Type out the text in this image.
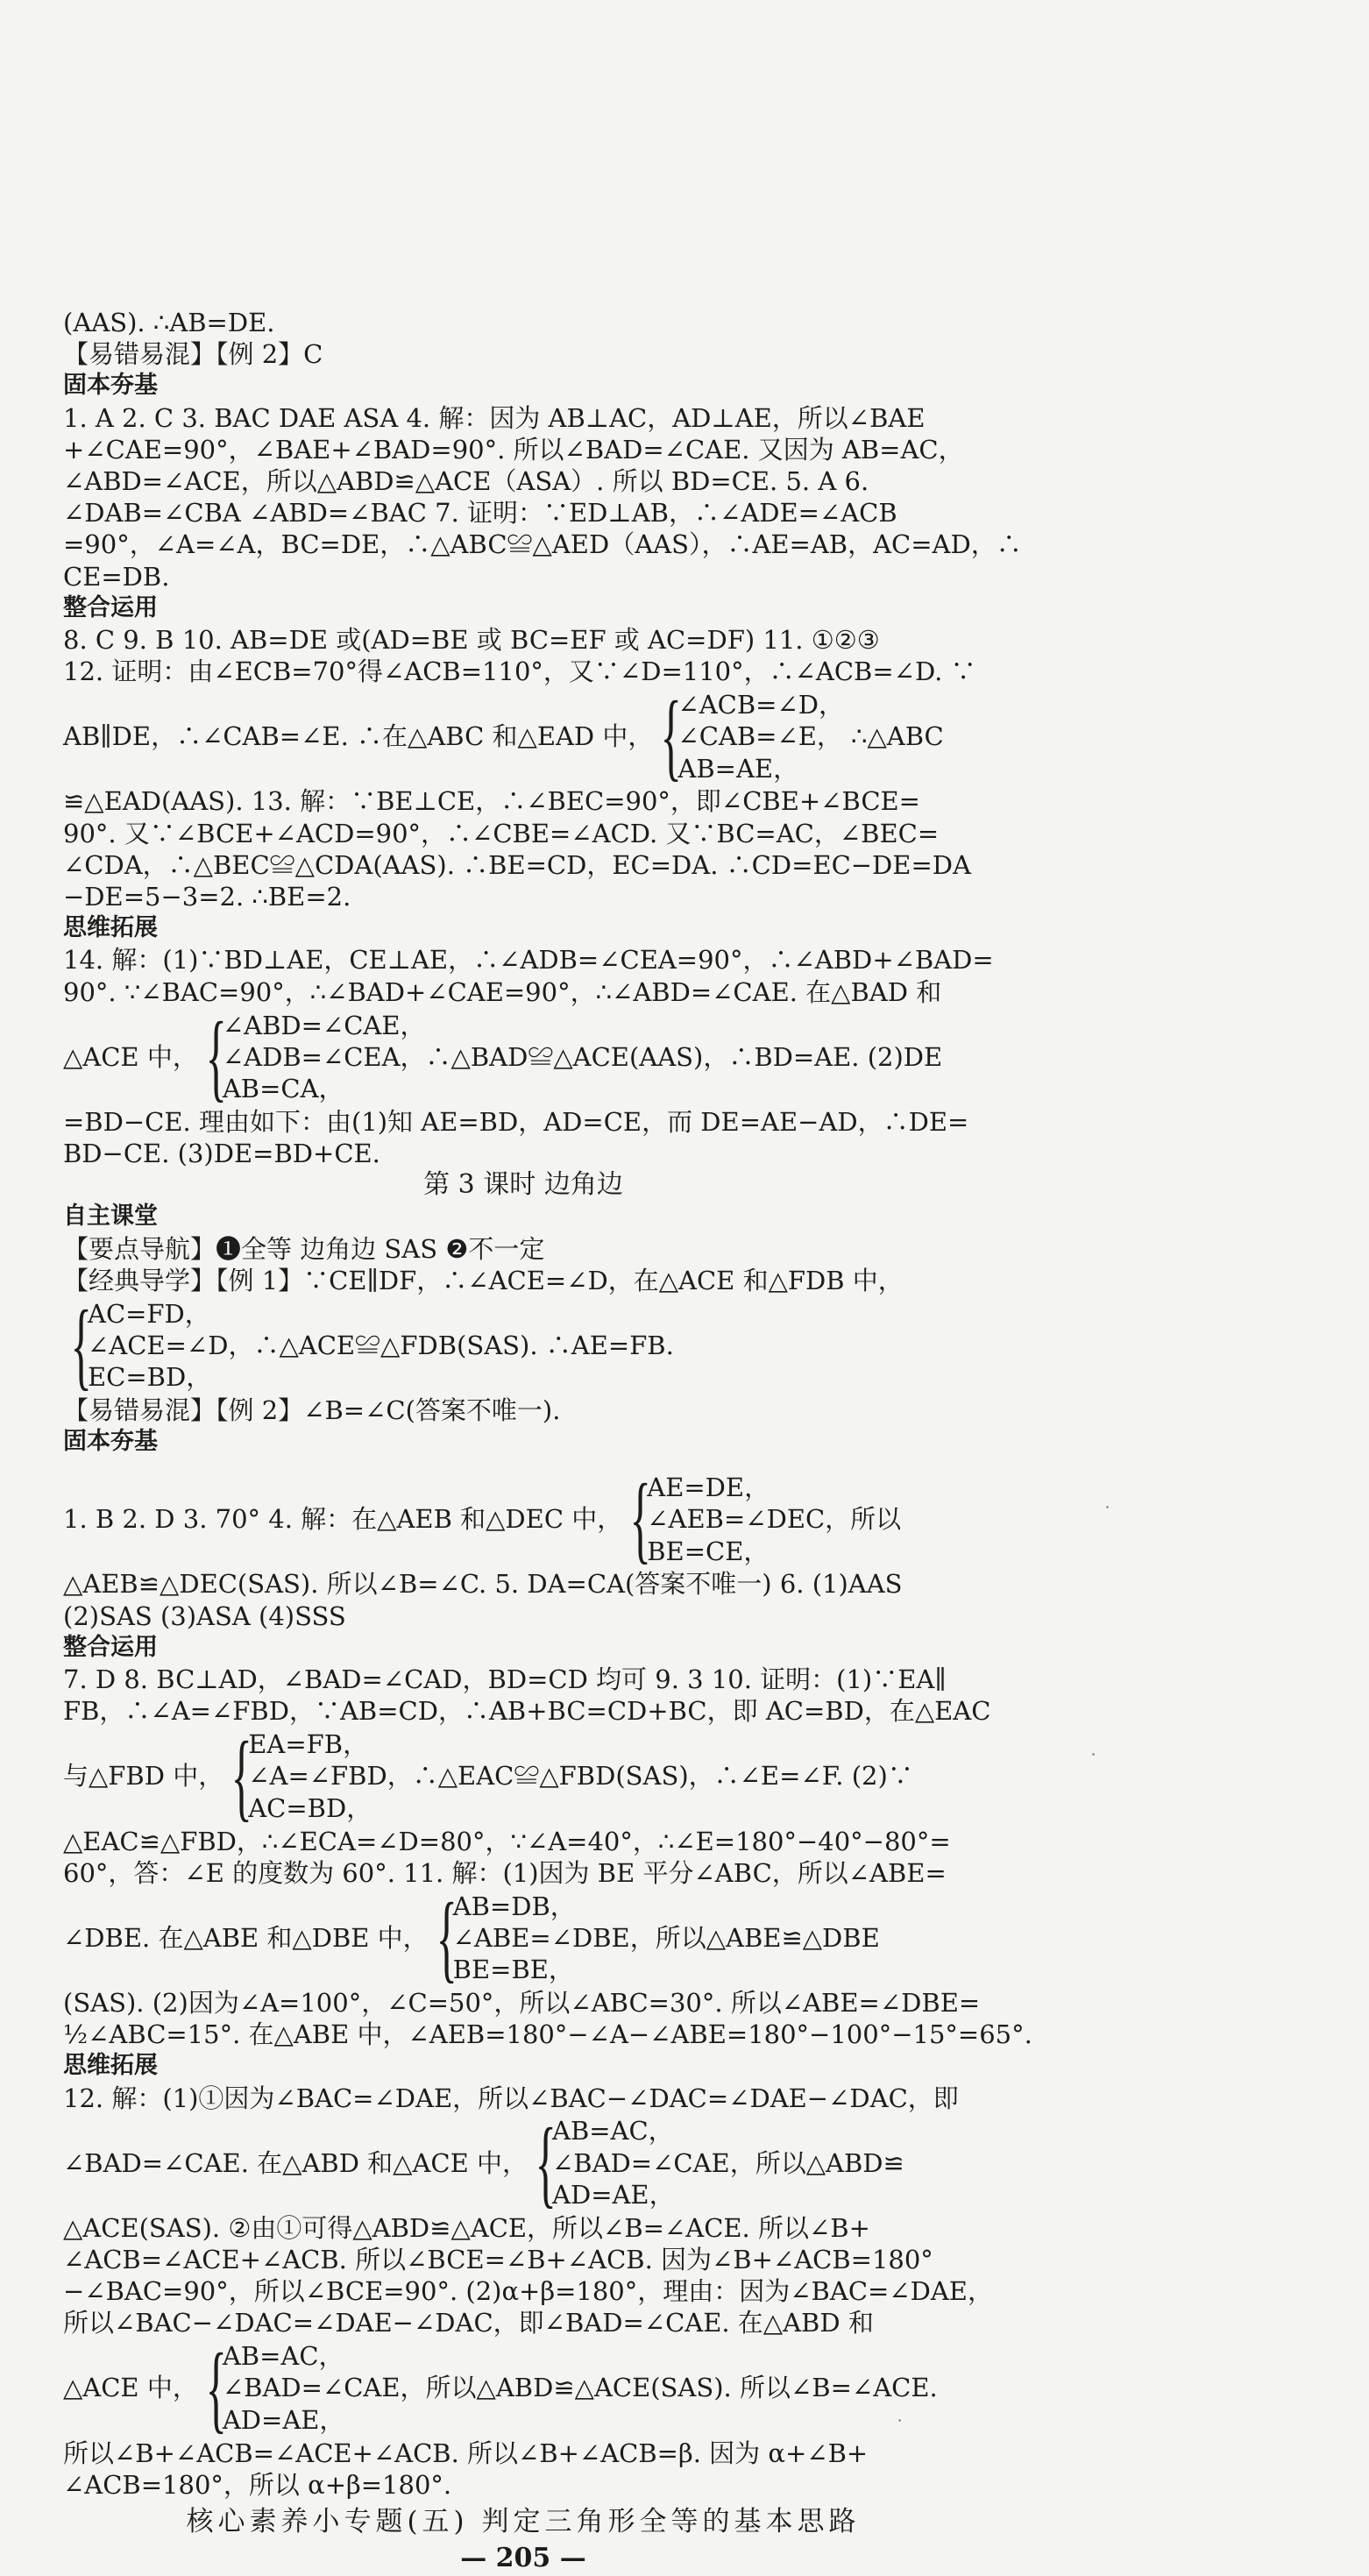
(AAS). ∴AB=DE.
【易错易混】【例 2】C
固本夯基
1. A 2. C 3. BAC DAE ASA 4. 解：因为 AB⊥AC，AD⊥AE，所以∠BAE
+∠CAE=90°，∠BAE+∠BAD=90°. 所以∠BAD=∠CAE. 又因为 AB=AC，
∠ABD=∠ACE，所以△ABD≌△ACE（ASA）. 所以 BD=CE. 5. A 6.
∠DAB=∠CBA ∠ABD=∠BAC 7. 证明：∵ED⊥AB，∴∠ADE=∠ACB
=90°，∠A=∠A，BC=DE，∴△ABC≌△AED（AAS），∴AE=AB，AC=AD，∴
CE=DB.
整合运用
8. C 9. B 10. AB=DE 或(AD=BE 或 BC=EF 或 AC=DF) 11. ①②③
12. 证明：由∠ECB=70°得∠ACB=110°，又∵∠D=110°，∴∠ACB=∠D. ∵
AB∥DE，∴∠CAB=∠E. ∴在△ABC 和△EAD 中， {
∠ACB=∠D，
∠CAB=∠E，
AB=AE，
∴△ABC
≌△EAD(AAS). 13. 解：∵BE⊥CE，∴∠BEC=90°，即∠CBE+∠BCE=
90°. 又∵∠BCE+∠ACD=90°，∴∠CBE=∠ACD. 又∵BC=AC，∠BEC=
∠CDA，∴△BEC≌△CDA(AAS). ∴BE=CD，EC=DA. ∴CD=EC−DE=DA
−DE=5−3=2. ∴BE=2.
思维拓展
14. 解：(1)∵BD⊥AE，CE⊥AE，∴∠ADB=∠CEA=90°，∴∠ABD+∠BAD=
90°. ∵∠BAC=90°，∴∠BAD+∠CAE=90°，∴∠ABD=∠CAE. 在△BAD 和
△ACE 中， {
∠ABD=∠CAE，
∠ADB=∠CEA，∴△BAD≌△ACE(AAS)，∴BD=AE. (2)DE
AB=CA，
=BD−CE. 理由如下：由(1)知 AE=BD，AD=CE，而 DE=AE−AD，∴DE=
BD−CE. (3)DE=BD+CE.
第 3 课时 边角边
自主课堂
【要点导航】❶全等 边角边 SAS ❷不一定
【经典导学】【例 1】∵CE∥DF，∴∠ACE=∠D，在△ACE 和△FDB 中，
{
AC=FD，
∠ACE=∠D，∴△ACE≌△FDB(SAS). ∴AE=FB.
EC=BD，
【易错易混】【例 2】∠B=∠C(答案不唯一).
固本夯基
1. B 2. D 3. 70° 4. 解：在△AEB 和△DEC 中， {
AE=DE，
∠AEB=∠DEC，所以
BE=CE，
△AEB≌△DEC(SAS). 所以∠B=∠C. 5. DA=CA(答案不唯一) 6. (1)AAS
(2)SAS (3)ASA (4)SSS
整合运用
7. D 8. BC⊥AD，∠BAD=∠CAD，BD=CD 均可 9. 3 10. 证明：(1)∵EA∥
FB，∴∠A=∠FBD，∵AB=CD，∴AB+BC=CD+BC，即 AC=BD，在△EAC
与△FBD 中， {
EA=FB，
∠A=∠FBD，∴△EAC≌△FBD(SAS)，∴∠E=∠F. (2)∵
AC=BD，
△EAC≌△FBD，∴∠ECA=∠D=80°，∵∠A=40°，∴∠E=180°−40°−80°=
60°，答：∠E 的度数为 60°. 11. 解：(1)因为 BE 平分∠ABC，所以∠ABE=
∠DBE. 在△ABE 和△DBE 中， {
AB=DB，
∠ABE=∠DBE，所以△ABE≌△DBE
BE=BE，
(SAS). (2)因为∠A=100°，∠C=50°，所以∠ABC=30°. 所以∠ABE=∠DBE=
½∠ABC=15°. 在△ABE 中，∠AEB=180°−∠A−∠ABE=180°−100°−15°=65°.
思维拓展
12. 解：(1)①因为∠BAC=∠DAE，所以∠BAC−∠DAC=∠DAE−∠DAC，即
∠BAD=∠CAE. 在△ABD 和△ACE 中， {
AB=AC，
∠BAD=∠CAE，所以△ABD≌
AD=AE，
△ACE(SAS). ②由①可得△ABD≌△ACE，所以∠B=∠ACE. 所以∠B+
∠ACB=∠ACE+∠ACB. 所以∠BCE=∠B+∠ACB. 因为∠B+∠ACB=180°
−∠BAC=90°，所以∠BCE=90°. (2)α+β=180°，理由：因为∠BAC=∠DAE，
所以∠BAC−∠DAC=∠DAE−∠DAC，即∠BAD=∠CAE. 在△ABD 和
△ACE 中， {
AB=AC，
∠BAD=∠CAE，所以△ABD≌△ACE(SAS). 所以∠B=∠ACE.
AD=AE，
所以∠B+∠ACB=∠ACE+∠ACB. 所以∠B+∠ACB=β. 因为 α+∠B+
∠ACB=180°，所以 α+β=180°.
核心素养小专题(五) 判定三角形全等的基本思路
— 205 —
